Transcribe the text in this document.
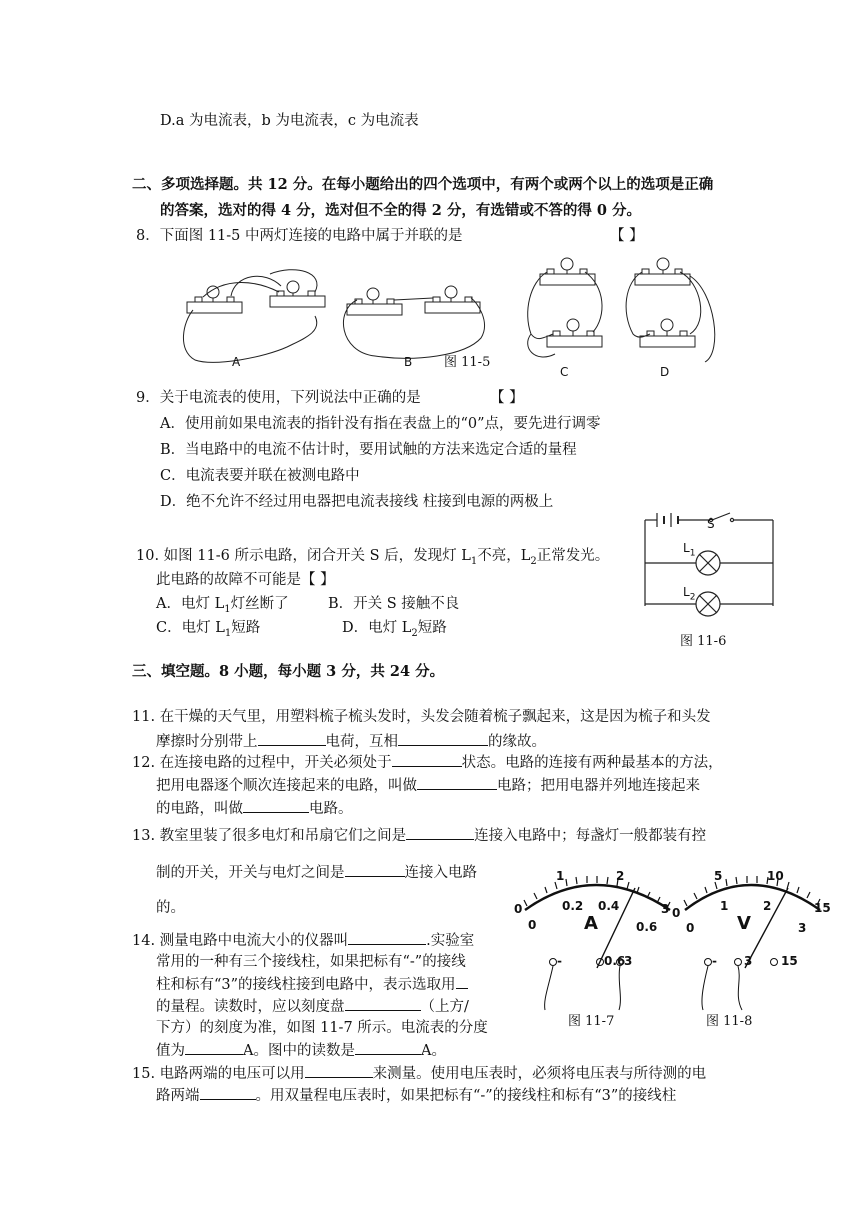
D.a 为电流表，b 为电流表，c 为电流表
二、多项选择题。共 12 分。在每小题给出的四个选项中，有两个或两个以上的选项是正确
的答案，选对的得 4 分，选对但不全的得 2 分，有选错或不答的得 0 分。
8．下面图 11-5 中两灯连接的电路中属于并联的是	【 】
A	B 图 11-5
C	D
9．关于电流表的使用，下列说法中正确的是	【 】
A．使用前如果电流表的指针没有指在表盘上的“0”点，要先进行调零
B．当电路中的电流不估计时，要用试触的方法来选定合适的量程
C．电流表要并联在被测电路中
D．绝不允许不经过用电器把电流表接线 柱接到电源的两极上
S
$L_1$
$L_2$
图 11-6
10. 如图 11-6 所示电路，闭合开关 S 后，发现灯 $L_1$不亮，$L_2$正常发光。
此电路的故障不可能是【 】
A．电灯 $L_1$灯丝断了	B．开关 S 接触不良
C．电灯 $L_1$短路	D．电灯 $L_2$短路
三、填空题。8 小题，每小题 3 分，共 24 分。
11. 在干燥的天气里，用塑料梳子梳头发时，头发会随着梳子飘起来，这是因为梳子和头发
摩擦时分别带上	电荷，互相	的缘故。
12. 在连接电路的过程中，开关必须处于	状态。电路的连接有两种最基本的方法，
把用电器逐个顺次连接起来的电路，叫做	电路；把用电器并列地连接起来
的电路，叫做	电路。
13. 教室里装了很多电灯和吊扇它们之间是	连接入电路中；每盏灯一般都装有控
制的开关，开关与电灯之间是	连接入电路
的。
14. 测量电路中电流大小的仪器叫	.实验室
常用的一种有三个接线柱，如果把标有“-”的接线
柱和标有“3”的接线柱接到电路中，表示选取用
的量程。读数时，应以刻度盘	（上方/
下方）的刻度为准，如图 11-7 所示。电流表的分度
值为	A。图中的读数是	A。
15. 电路两端的电压可以用	来测量。使用电压表时，必须将电压表与所待测的电
路两端	。用双量程电压表时，如果把标有“-”的接线柱和标有“3”的接线柱
0
1	2
3
0
0.2 0.4
0.6
A
-	0.6
3
图 11-7
0
5	10
15
0
1	2
3
V
- 3 15
图 11-8
